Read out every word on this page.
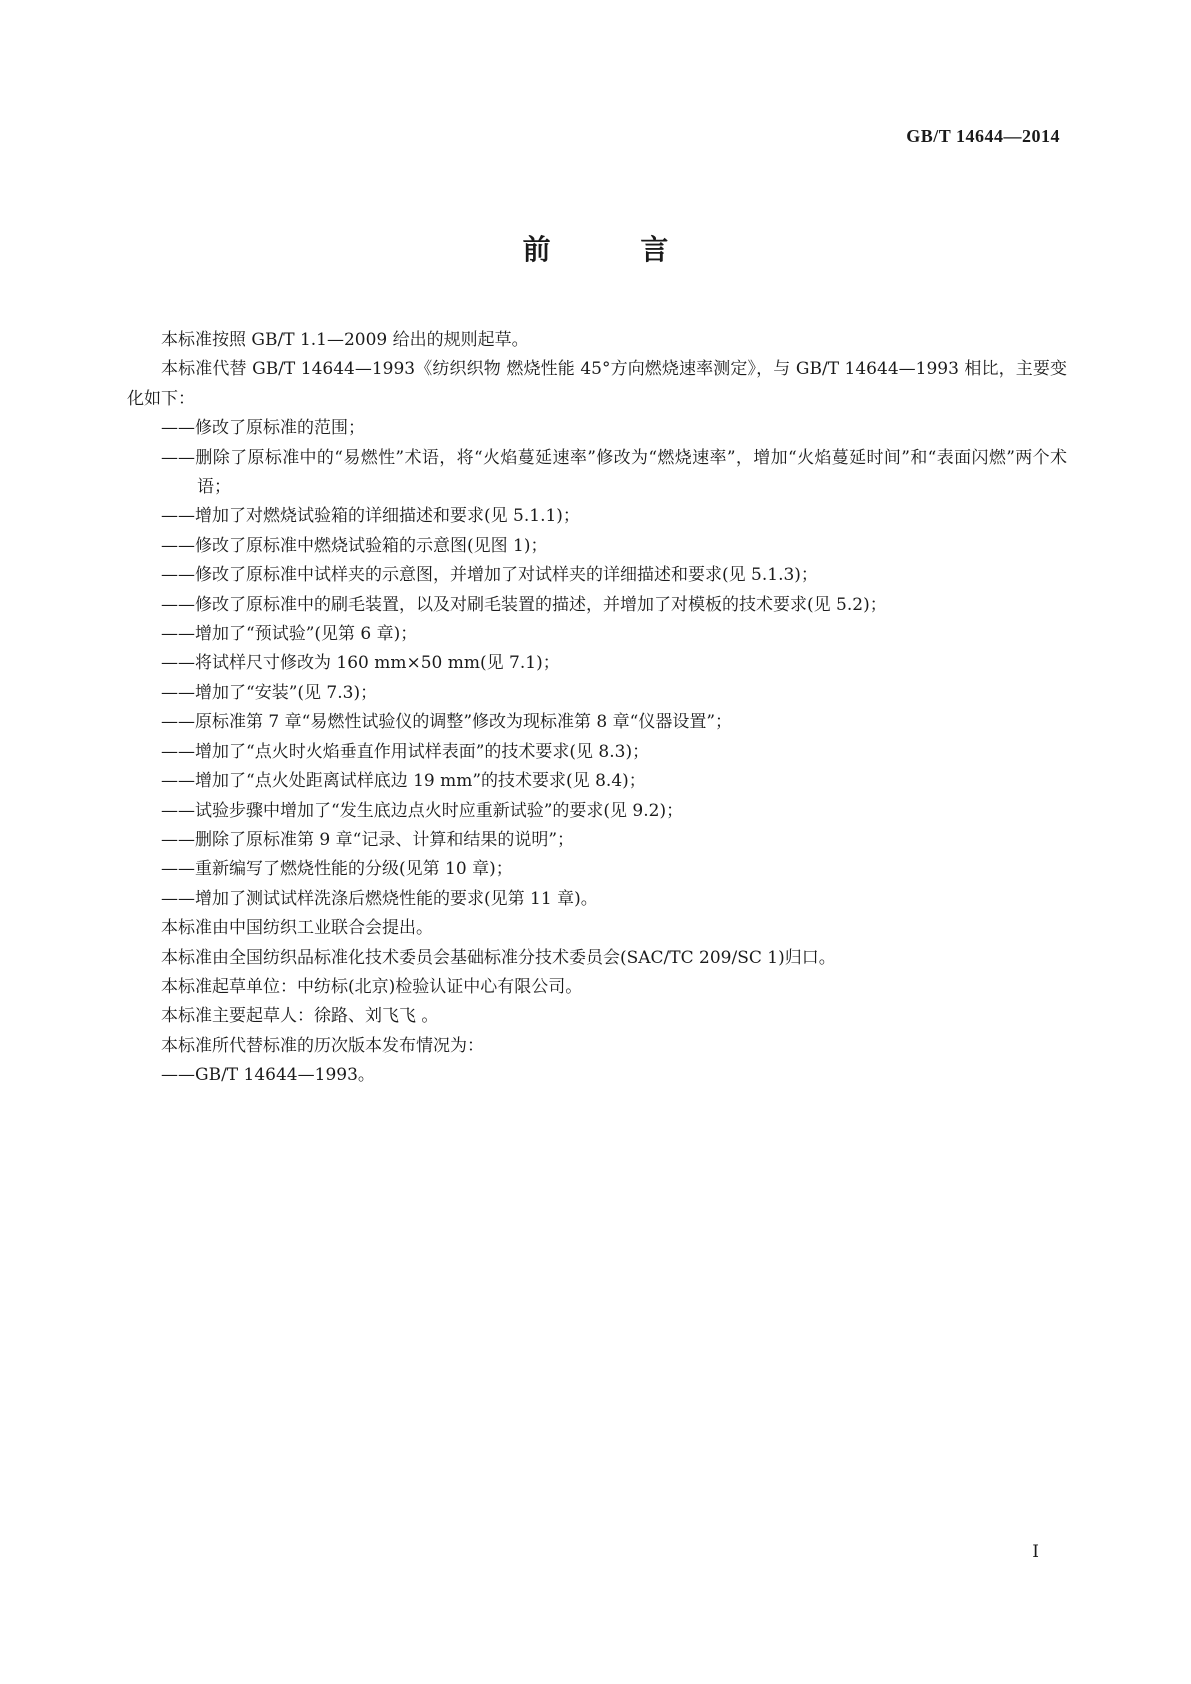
GB/T 14644—2014
前 言
本标准按照 GB/T 1.1—2009 给出的规则起草。
本标准代替 GB/T 14644—1993《纺织织物 燃烧性能 45°方向燃烧速率测定》，与 GB/T 14644—1993 相比，主要变化如下：
——修改了原标准的范围；
——删除了原标准中的“易燃性”术语，将“火焰蔓延速率”修改为“燃烧速率”，增加“火焰蔓延时间”和“表面闪燃”两个术语；
——增加了对燃烧试验箱的详细描述和要求(见 5.1.1)；
——修改了原标准中燃烧试验箱的示意图(见图 1)；
——修改了原标准中试样夹的示意图，并增加了对试样夹的详细描述和要求(见 5.1.3)；
——修改了原标准中的刷毛装置，以及对刷毛装置的描述，并增加了对模板的技术要求(见 5.2)；
——增加了“预试验”(见第 6 章)；
——将试样尺寸修改为 160 mm×50 mm(见 7.1)；
——增加了“安装”(见 7.3)；
——原标准第 7 章“易燃性试验仪的调整”修改为现标准第 8 章“仪器设置”；
——增加了“点火时火焰垂直作用试样表面”的技术要求(见 8.3)；
——增加了“点火处距离试样底边 19 mm”的技术要求(见 8.4)；
——试验步骤中增加了“发生底边点火时应重新试验”的要求(见 9.2)；
——删除了原标准第 9 章“记录、计算和结果的说明”；
——重新编写了燃烧性能的分级(见第 10 章)；
——增加了测试试样洗涤后燃烧性能的要求(见第 11 章)。
本标准由中国纺织工业联合会提出。
本标准由全国纺织品标准化技术委员会基础标准分技术委员会(SAC/TC 209/SC 1)归口。
本标准起草单位：中纺标(北京)检验认证中心有限公司。
本标准主要起草人：徐路、刘飞飞 。
本标准所代替标准的历次版本发布情况为：
——GB/T 14644—1993。
I
